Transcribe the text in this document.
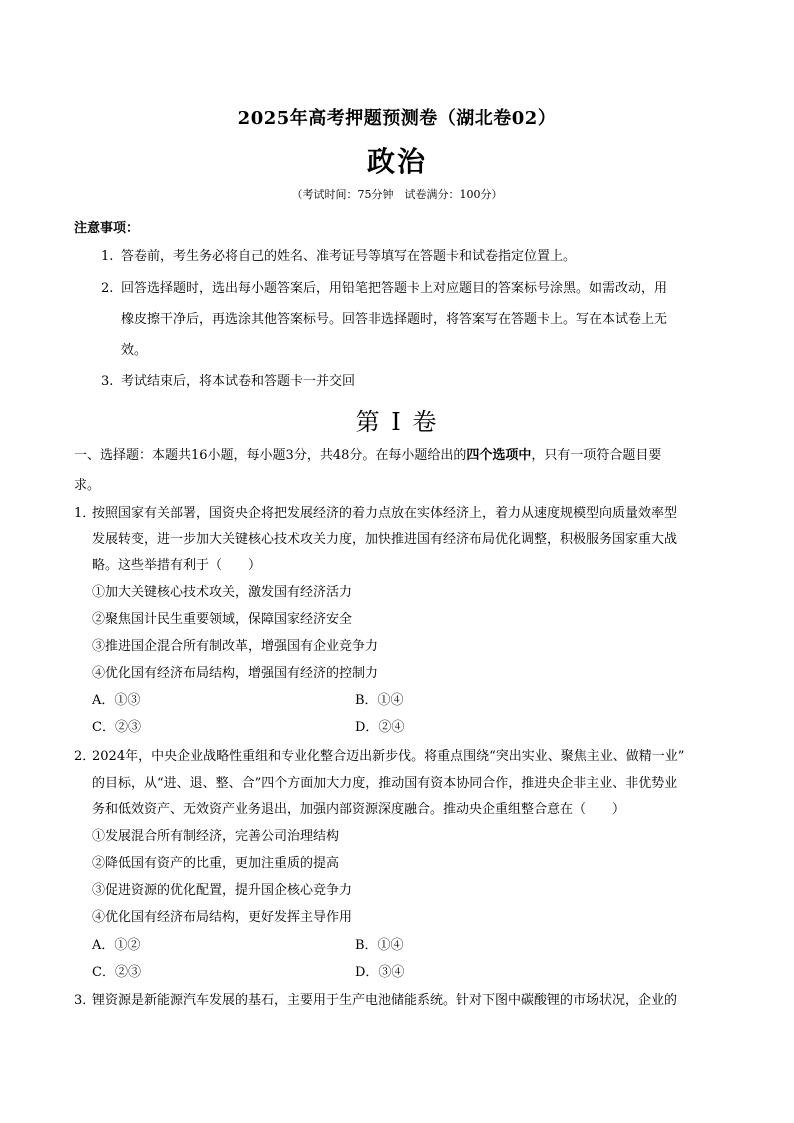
2025年高考押题预测卷（湖北卷02）
政治
（考试时间：75分钟　试卷满分：100分）
注意事项：
1. 答卷前，考生务必将自己的姓名、准考证号等填写在答题卡和试卷指定位置上。
2. 回答选择题时，选出每小题答案后，用铅笔把答题卡上对应题目的答案标号涂黑。如需改动，用
橡皮擦干净后，再选涂其他答案标号。回答非选择题时，将答案写在答题卡上。写在本试卷上无
效。
3. 考试结束后，将本试卷和答题卡一并交回
第 I 卷
一、选择题：本题共16小题，每小题3分，共48分。在每小题给出的四个选项中，只有一项符合题目要
求。
1．
按照国家有关部署，国资央企将把发展经济的着力点放在实体经济上，着力从速度规模型向质量效率型
发展转变，进一步加大关键核心技术攻关力度，加快推进国有经济布局优化调整，积极服务国家重大战
略。这些举措有利于（　　）
①加大关键核心技术攻关，激发国有经济活力
②聚焦国计民生重要领域，保障国家经济安全
③推进国企混合所有制改革，增强国有企业竞争力
④优化国有经济布局结构，增强国有经济的控制力
A．①③	B．①④
C．②③	D．②④
2．
2024年，中央企业战略性重组和专业化整合迈出新步伐。将重点围绕“突出实业、聚焦主业、做精一业”
的目标，从“进、退、整、合”四个方面加大力度，推动国有资本协同合作，推进央企非主业、非优势业
务和低效资产、无效资产业务退出，加强内部资源深度融合。推动央企重组整合意在（　　）
①发展混合所有制经济，完善公司治理结构
②降低国有资产的比重，更加注重质的提高
③促进资源的优化配置，提升国企核心竞争力
④优化国有经济布局结构，更好发挥主导作用
A．①②	B．①④
C．②③	D．③④
3．
锂资源是新能源汽车发展的基石，主要用于生产电池储能系统。针对下图中碳酸锂的市场状况，企业的
